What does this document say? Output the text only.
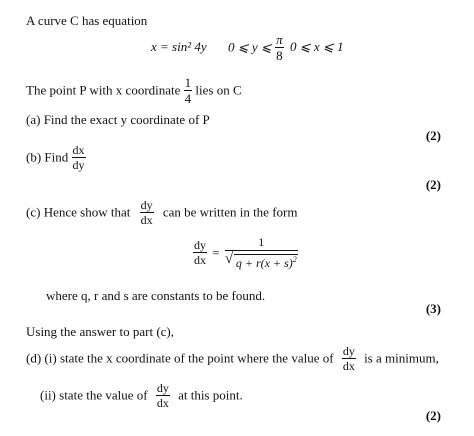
A curve C has equation
x = sin² 4y 0 ⩽ y ⩽ $\frac{\pi}{8} 0$ ⩽ x ⩽ 1
The point P with x coordinate $\frac{1}{4}$ lies on C
(a) Find the exact y coordinate of P
(2)
(b) Find $\frac{dx}{dy}$
(2)
(c) Hence show that $\frac{dy}{dx}$ can be written in the form
$\frac{dy}{dx} = \frac{1}{√ q + r(x + s)^2}$
where q, r and s are constants to be found.
(3)
Using the answer to part (c),
(d) (i) state the x coordinate of the point where the value of $\frac{dy}{dx}$ is a minimum,
(ii) state the value of $\frac{dy}{dx}$ at this point.
(2)
